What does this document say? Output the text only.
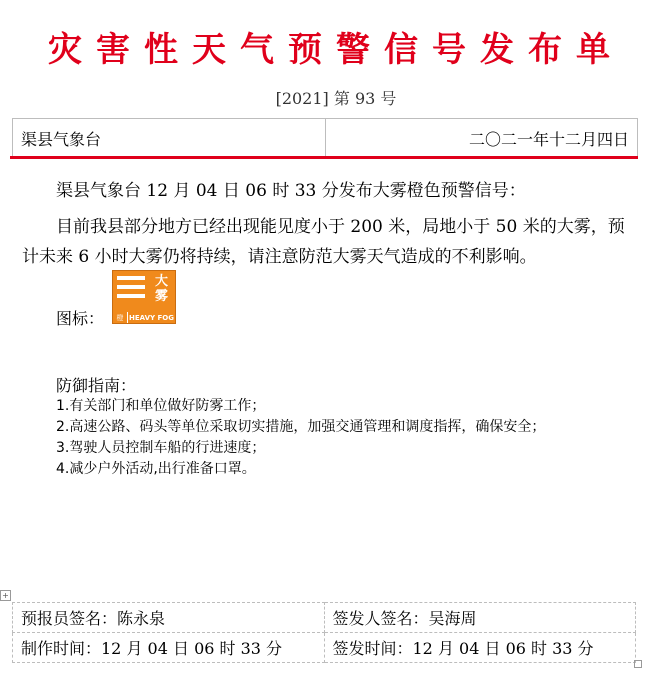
灾害性天气预警信号发布单
[2021] 第 93 号
渠县气象台	二〇二一年十二月四日
渠县气象台 12 月 04 日 06 时 33 分发布大雾橙色预警信号：
目前我县部分地方已经出现能见度小于 200 米，局地小于 50 米的大雾，预计未来 6 小时大雾仍将持续，请注意防范大雾天气造成的不利影响。
图标：
大
雾
橙 HEAVY FOG
防御指南：
1.有关部门和单位做好防雾工作；
2.高速公路、码头等单位采取切实措施，加强交通管理和调度指挥，确保安全；
3.驾驶人员控制车船的行进速度；
4.减少户外活动,出行准备口罩。
+
预报员签名：陈永泉	签发人签名：吴海周
制作时间：12 月 04 日 06 时 33 分	签发时间：12 月 04 日 06 时 33 分
